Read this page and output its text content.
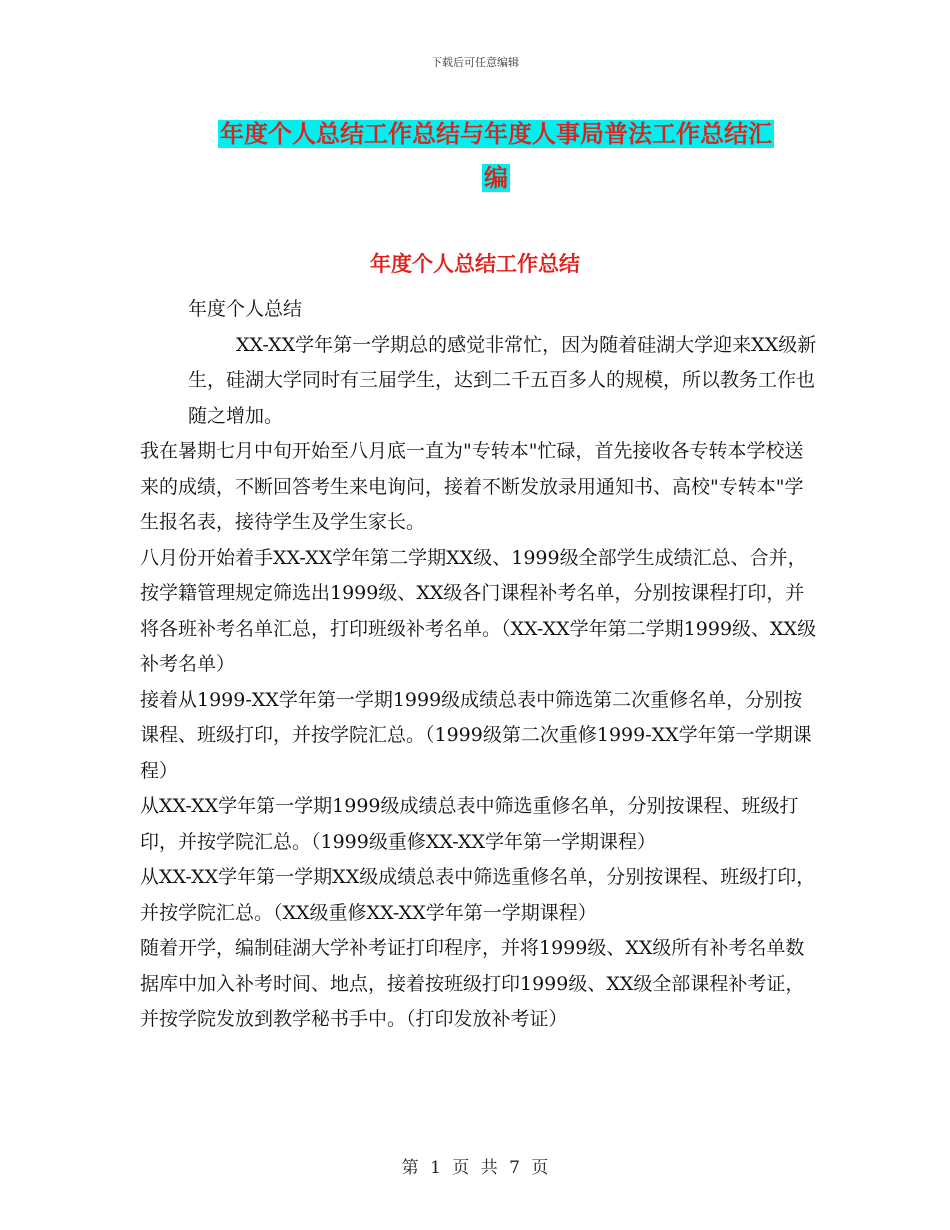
下载后可任意编辑
年度个人总结工作总结与年度人事局普法工作总结汇
编
年度个人总结工作总结

年度个人总结

XX-XX学年第一学期总的感觉非常忙，因为随着硅湖大学迎来XX级新生，硅湖大学同时有三届学生，达到二千五百多人的规模，所以教务工作也随之增加。

我在暑期七月中旬开始至八月底一直为"专转本"忙碌，首先接收各专转本学校送来的成绩，不断回答考生来电询问，接着不断发放录用通知书、高校"专转本"学生报名表，接待学生及学生家长。

八月份开始着手XX-XX学年第二学期XX级、1999级全部学生成绩汇总、合并，按学籍管理规定筛选出1999级、XX级各门课程补考名单，分别按课程打印，并将各班补考名单汇总，打印班级补考名单。（XX-XX学年第二学期1999级、XX级补考名单）

接着从1999-XX学年第一学期1999级成绩总表中筛选第二次重修名单，分别按课程、班级打印，并按学院汇总。（1999级第二次重修1999-XX学年第一学期课程）

从XX-XX学年第一学期1999级成绩总表中筛选重修名单，分别按课程、班级打印，并按学院汇总。（1999级重修XX-XX学年第一学期课程）

从XX-XX学年第一学期XX级成绩总表中筛选重修名单，分别按课程、班级打印，并按学院汇总。（XX级重修XX-XX学年第一学期课程）

随着开学，编制硅湖大学补考证打印程序，并将1999级、XX级所有补考名单数据库中加入补考时间、地点，接着按班级打印1999级、XX级全部课程补考证，并按学院发放到教学秘书手中。（打印发放补考证）

第 1 页 共 7 页
